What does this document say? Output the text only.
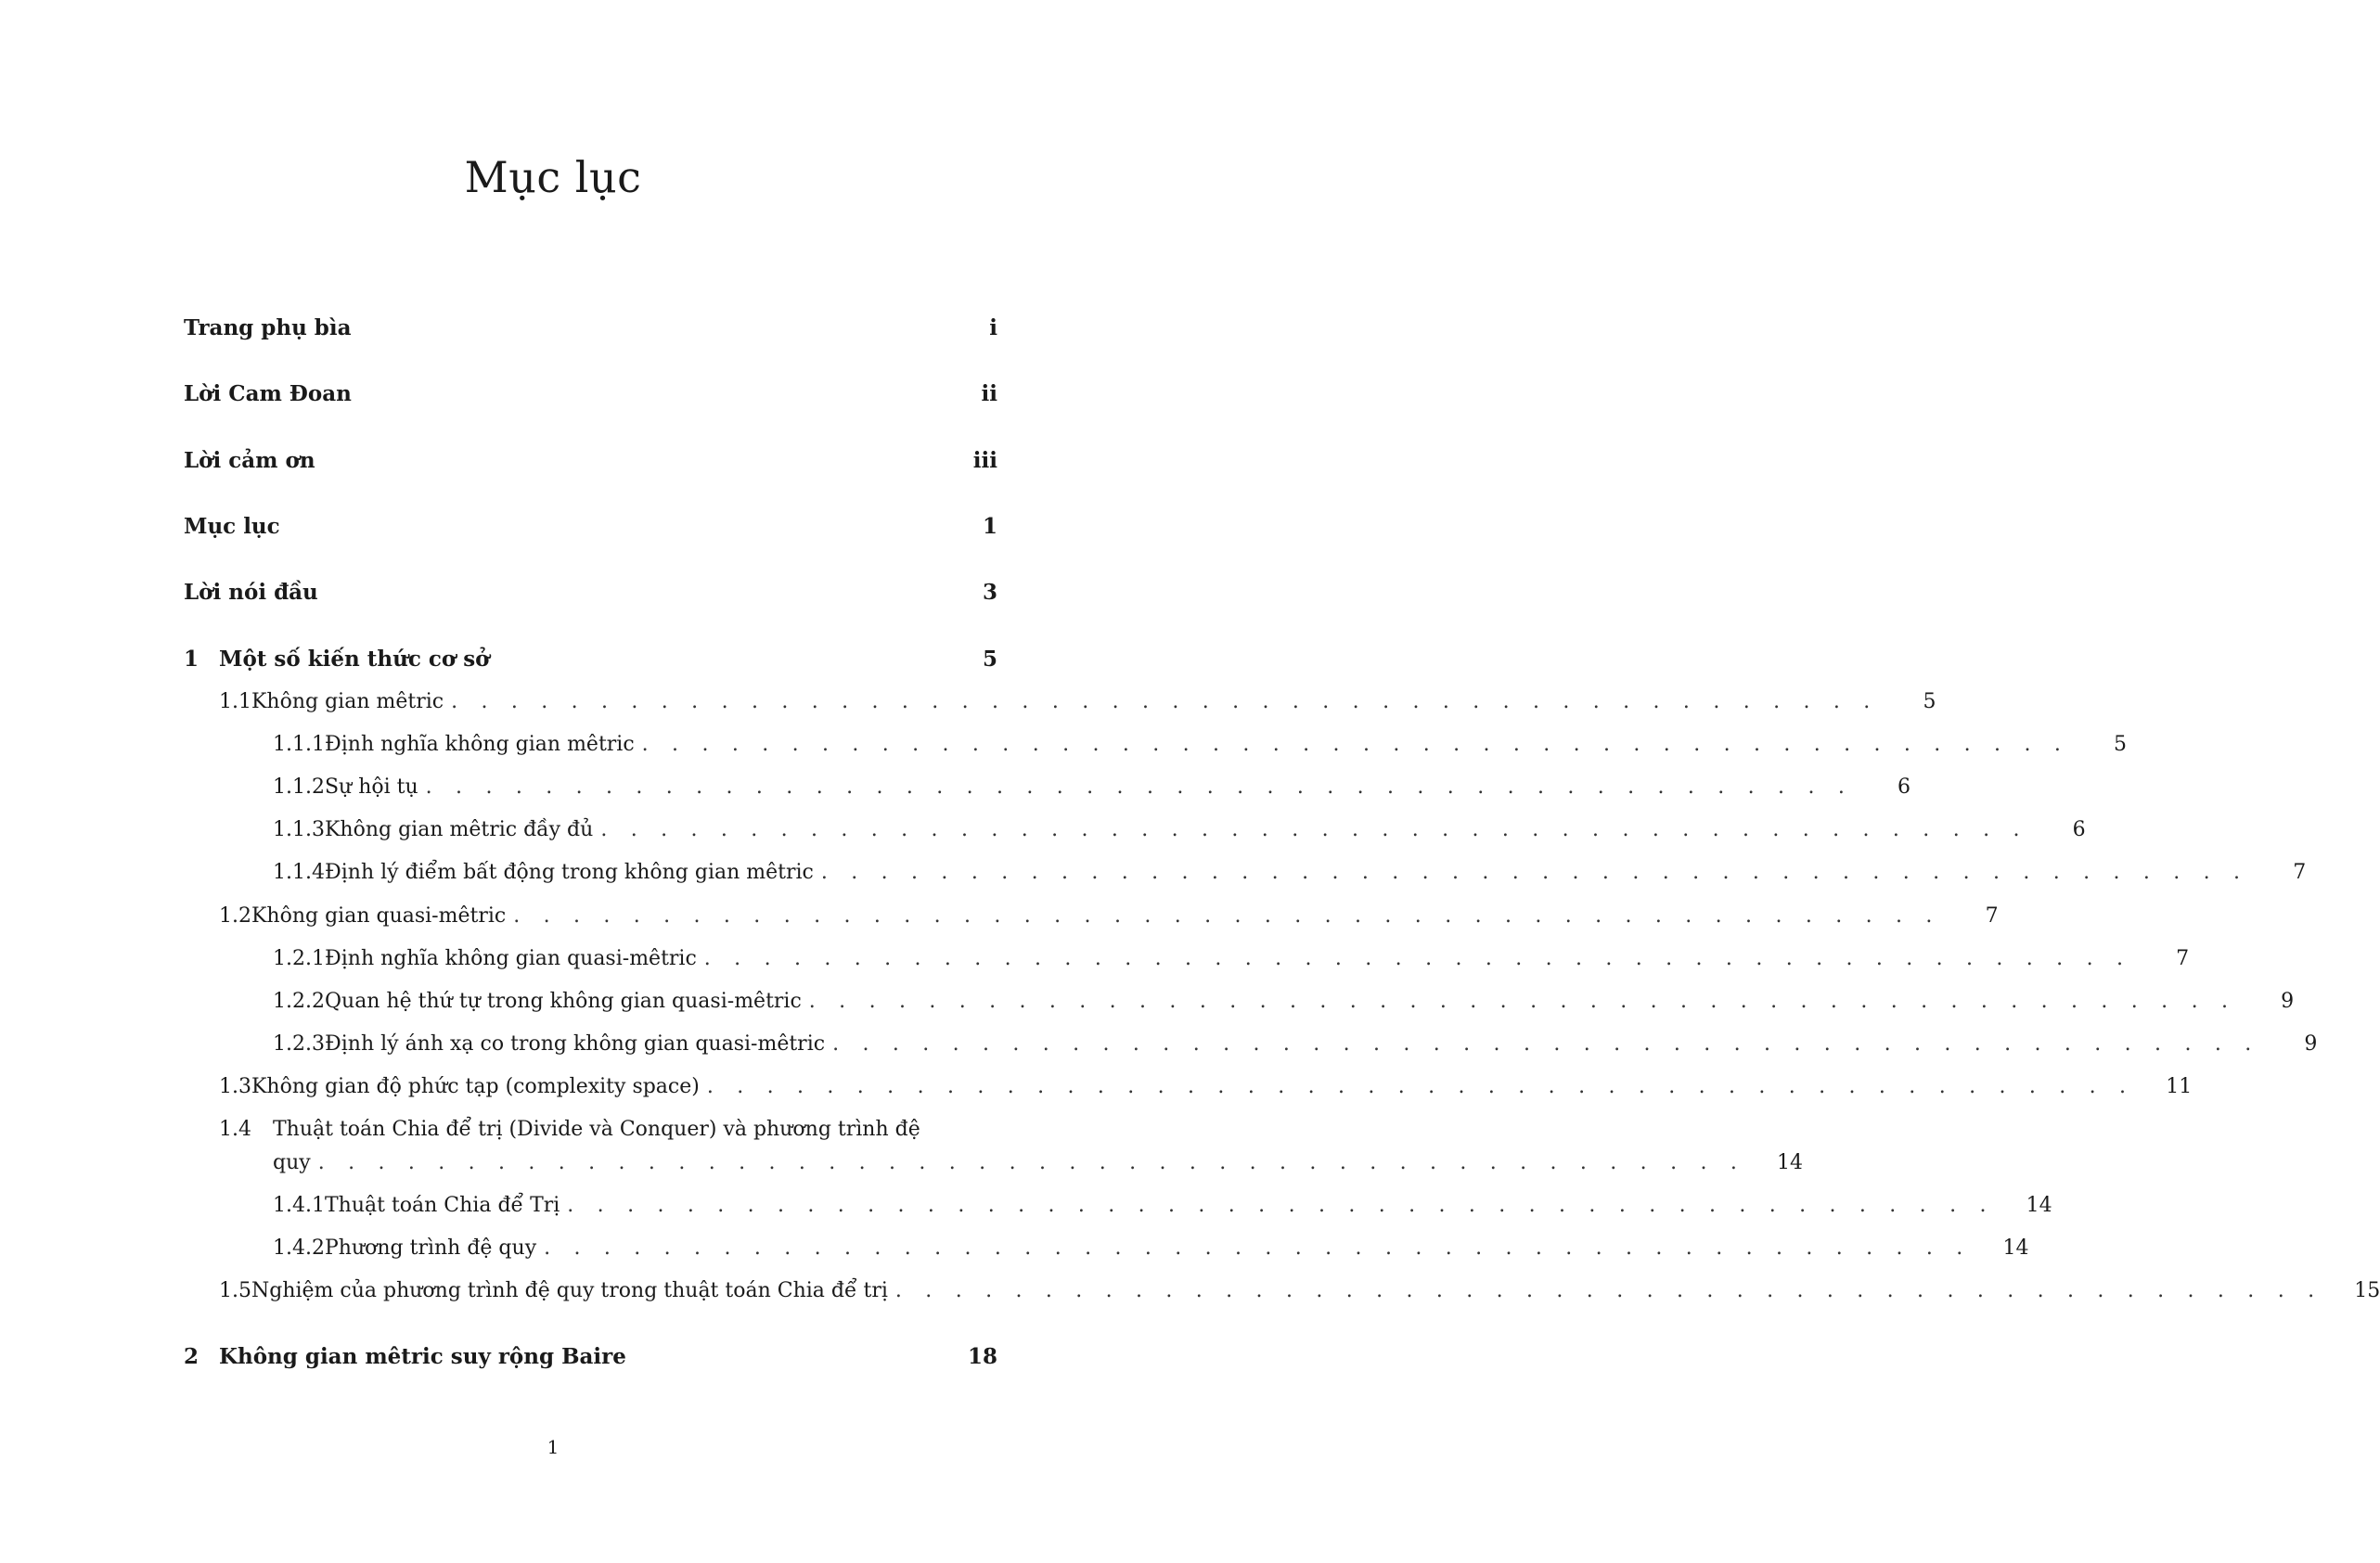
Mục lục
Trang phụ bìa	i
Lời Cam Đoan	ii
Lời cảm ơn	iii
Mục lục	1
Lời nói đầu	3
1 Một số kiến thức cơ sở	5
1.1 Không gian mêtric . . . . . . . . . . . . . . . . . . . . . . . . . . . . . . . . . . . . . . . . . . . . . . . .	5
1.1.1 Định nghĩa không gian mêtric . . . . . . . . . . . . . . . . . . . . . . . . . . . . . . . . . . . . . . . . . . . . . . . .	5
1.1.2 Sự hội tụ . . . . . . . . . . . . . . . . . . . . . . . . . . . . . . . . . . . . . . . . . . . . . . . .	6
1.1.3 Không gian mêtric đầy đủ . . . . . . . . . . . . . . . . . . . . . . . . . . . . . . . . . . . . . . . . . . . . . . . .	6
1.1.4 Định lý điểm bất động trong không gian mêtric . . . . . . . . . . . . . . . . . . . . . . . . . . . . . . . . . . . . . . . . . . . . . . . .	7
1.2 Không gian quasi-mêtric . . . . . . . . . . . . . . . . . . . . . . . . . . . . . . . . . . . . . . . . . . . . . . . .	7
1.2.1 Định nghĩa không gian quasi-mêtric . . . . . . . . . . . . . . . . . . . . . . . . . . . . . . . . . . . . . . . . . . . . . . . .	7
1.2.2 Quan hệ thứ tự trong không gian quasi-mêtric . . . . . . . . . . . . . . . . . . . . . . . . . . . . . . . . . . . . . . . . . . . . . . . .	9
1.2.3 Định lý ánh xạ co trong không gian quasi-mêtric . . . . . . . . . . . . . . . . . . . . . . . . . . . . . . . . . . . . . . . . . . . . . . . .	9
1.3 Không gian độ phức tạp (complexity space) . . . . . . . . . . . . . . . . . . . . . . . . . . . . . . . . . . . . . . . . . . . . . . . .	11
1.4	Thuật toán Chia để trị (Divide và Conquer) và phương trình đệ
quy . . . . . . . . . . . . . . . . . . . . . . . . . . . . . . . . . . . . . . . . . . . . . . . .	14
1.4.1 Thuật toán Chia để Trị . . . . . . . . . . . . . . . . . . . . . . . . . . . . . . . . . . . . . . . . . . . . . . . .	14
1.4.2 Phương trình đệ quy . . . . . . . . . . . . . . . . . . . . . . . . . . . . . . . . . . . . . . . . . . . . . . . .	14
1.5 Nghiệm của phương trình đệ quy trong thuật toán Chia để trị . . . . . . . . . . . . . . . . . . . . . . . . . . . . . . . . . . . . . . . . . . . . . . . .	15
2 Không gian mêtric suy rộng Baire	18
1
